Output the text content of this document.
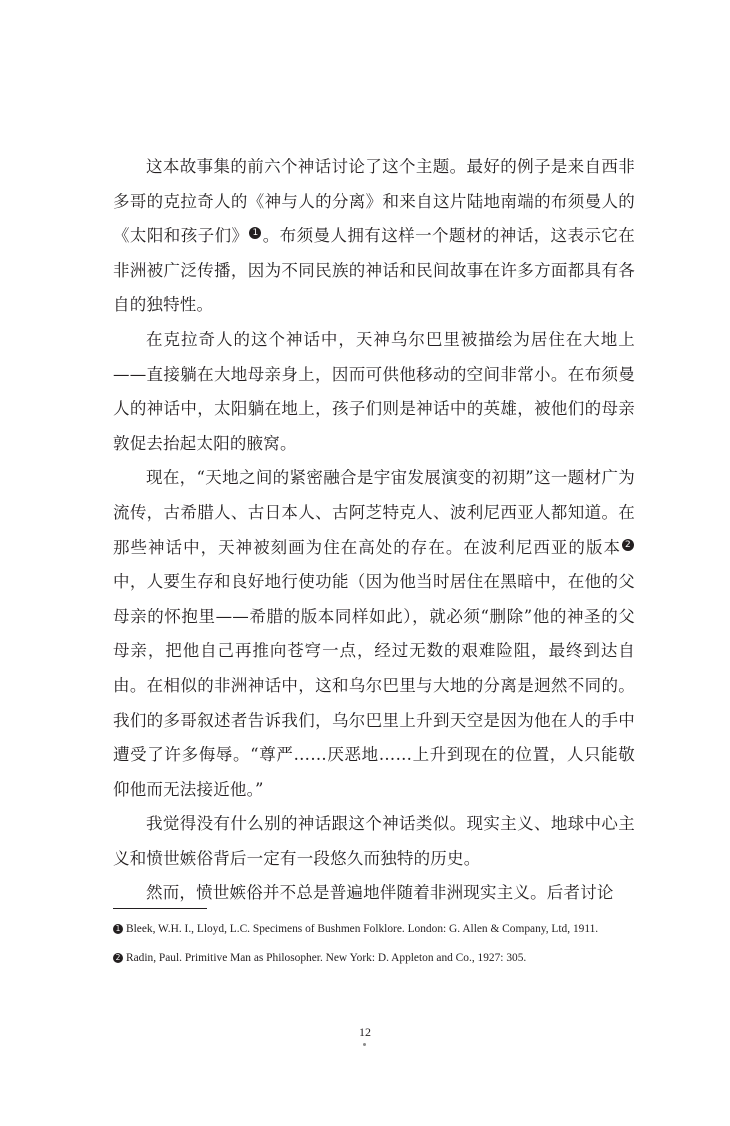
这本故事集的前六个神话讨论了这个主题。最好的例子是来自西非多哥的克拉奇人的《神与人的分离》和来自这片陆地南端的布须曼人的《太阳和孩子们》 1 。布须曼人拥有这样一个题材的神话，这表示它在非洲被广泛传播，因为不同民族的神话和民间故事在许多方面都具有各自的独特性。

在克拉奇人的这个神话中，天神乌尔巴里被描绘为居住在大地上——直接躺在大地母亲身上，因而可供他移动的空间非常小。在布须曼人的神话中，太阳躺在地上，孩子们则是神话中的英雄，被他们的母亲敦促去抬起太阳的腋窝。

现在，“天地之间的紧密融合是宇宙发展演变的初期”这一题材广为流传，古希腊人、古日本人、古阿芝特克人、波利尼西亚人都知道。在那些神话中，天神被刻画为住在高处的存在。在波利尼西亚的版本 2中，人要生存和良好地行使功能（因为他当时居住在黑暗中，在他的父母亲的怀抱里——希腊的版本同样如此），就必须“删除”他的神圣的父母亲，把他自己再推向苍穹一点，经过无数的艰难险阻，最终到达自由。在相似的非洲神话中，这和乌尔巴里与大地的分离是迥然不同的。我们的多哥叙述者告诉我们，乌尔巴里上升到天空是因为他在人的手中遭受了许多侮辱。“尊严……厌恶地……上升到现在的位置，人只能敬仰他而无法接近他。”

我觉得没有什么别的神话跟这个神话类似。现实主义、地球中心主义和愤世嫉俗背后一定有一段悠久而独特的历史。

然而，愤世嫉俗并不总是普遍地伴随着非洲现实主义。后者讨论

1 Bleek, W.H. I., Lloyd, L.C. Specimens of Bushmen Folklore. London: G. Allen & Company, Ltd, 1911.
2 Radin, Paul. Primitive Man as Philosopher. New York: D. Appleton and Co., 1927: 305.
12
